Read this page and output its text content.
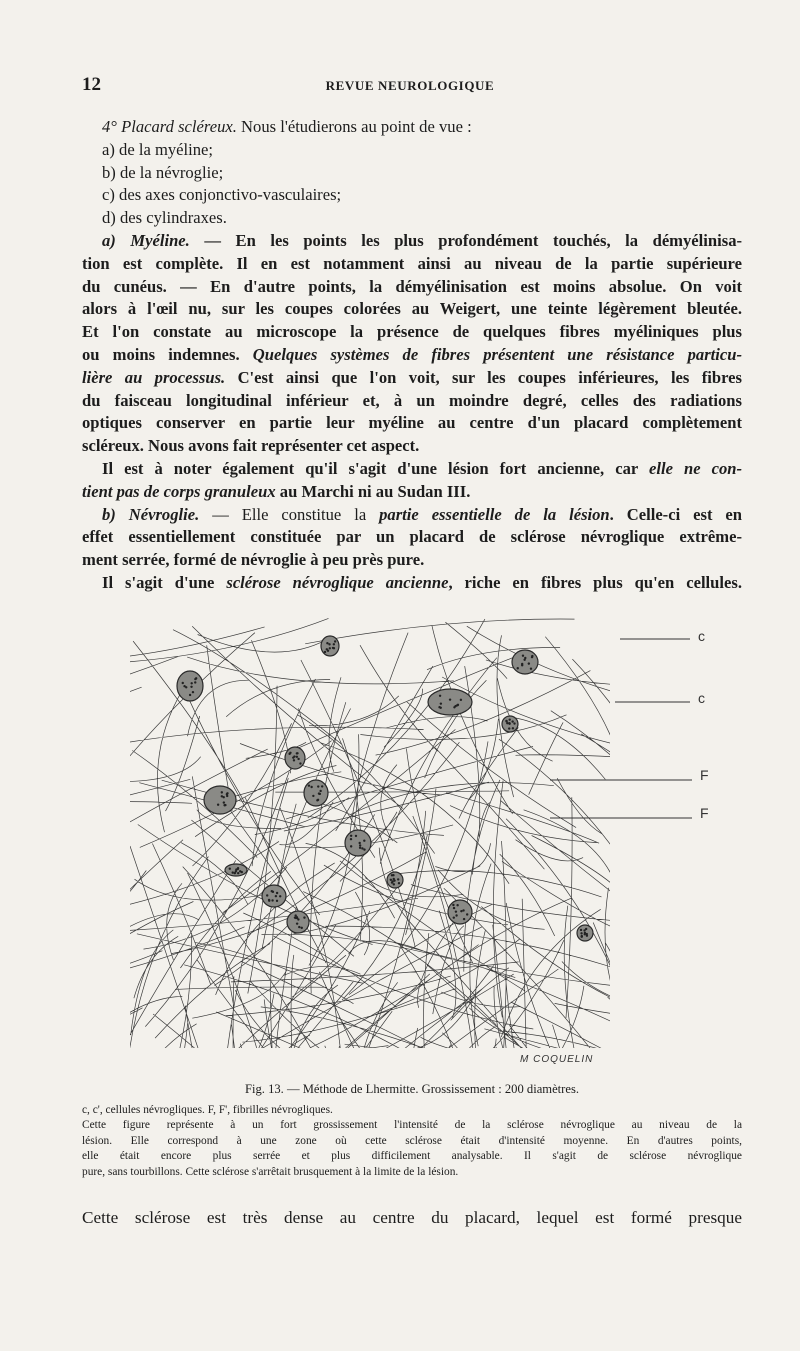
12	REVUE NEUROLOGIQUE
4° Placard scléreux. Nous l'étudierons au point de vue :
a) de la myéline;
b) de la névroglie;
c) des axes conjonctivo-vasculaires;
d) des cylindraxes.
a) Myéline. — En les points les plus profondément touchés, la démyélinisa-
tion est complète. Il en est notamment ainsi au niveau de la partie supérieure
du cunéus. — En d'autre points, la démyélinisation est moins absolue. On voit
alors à l'œil nu, sur les coupes colorées au Weigert, une teinte légèrement bleutée.
Et l'on constate au microscope la présence de quelques fibres myéliniques plus
ou moins indemnes. Quelques systèmes de fibres présentent une résistance particu-
lière au processus. C'est ainsi que l'on voit, sur les coupes inférieures, les fibres
du faisceau longitudinal inférieur et, à un moindre degré, celles des radiations
optiques conserver en partie leur myéline au centre d'un placard complètement
scléreux. Nous avons fait représenter cet aspect.
Il est à noter également qu'il s'agit d'une lésion fort ancienne, car elle ne con-
tient pas de corps granuleux au Marchi ni au Sudan III.
b) Névroglie. — Elle constitue la partie essentielle de la lésion. Celle-ci est en
effet essentiellement constituée par un placard de sclérose névroglique extrême-
ment serrée, formé de névroglie à peu près pure.
Il s'agit d'une sclérose névroglique ancienne, riche en fibres plus qu'en cellules.
c
c
F
F
M COQUELIN
Fig. 13. — Méthode de Lhermitte. Grossissement : 200 diamètres.
c, c', cellules névrogliques. F, F', fibrilles névrogliques.
Cette figure représente à un fort grossissement l'intensité de la sclérose névroglique au niveau de la
lésion. Elle correspond à une zone où cette sclérose était d'intensité moyenne. En d'autres points,
elle était encore plus serrée et plus difficilement analysable. Il s'agit de sclérose névroglique
pure, sans tourbillons. Cette sclérose s'arrêtait brusquement à la limite de la lésion.
Cette sclérose est très dense au centre du placard, lequel est formé presque
